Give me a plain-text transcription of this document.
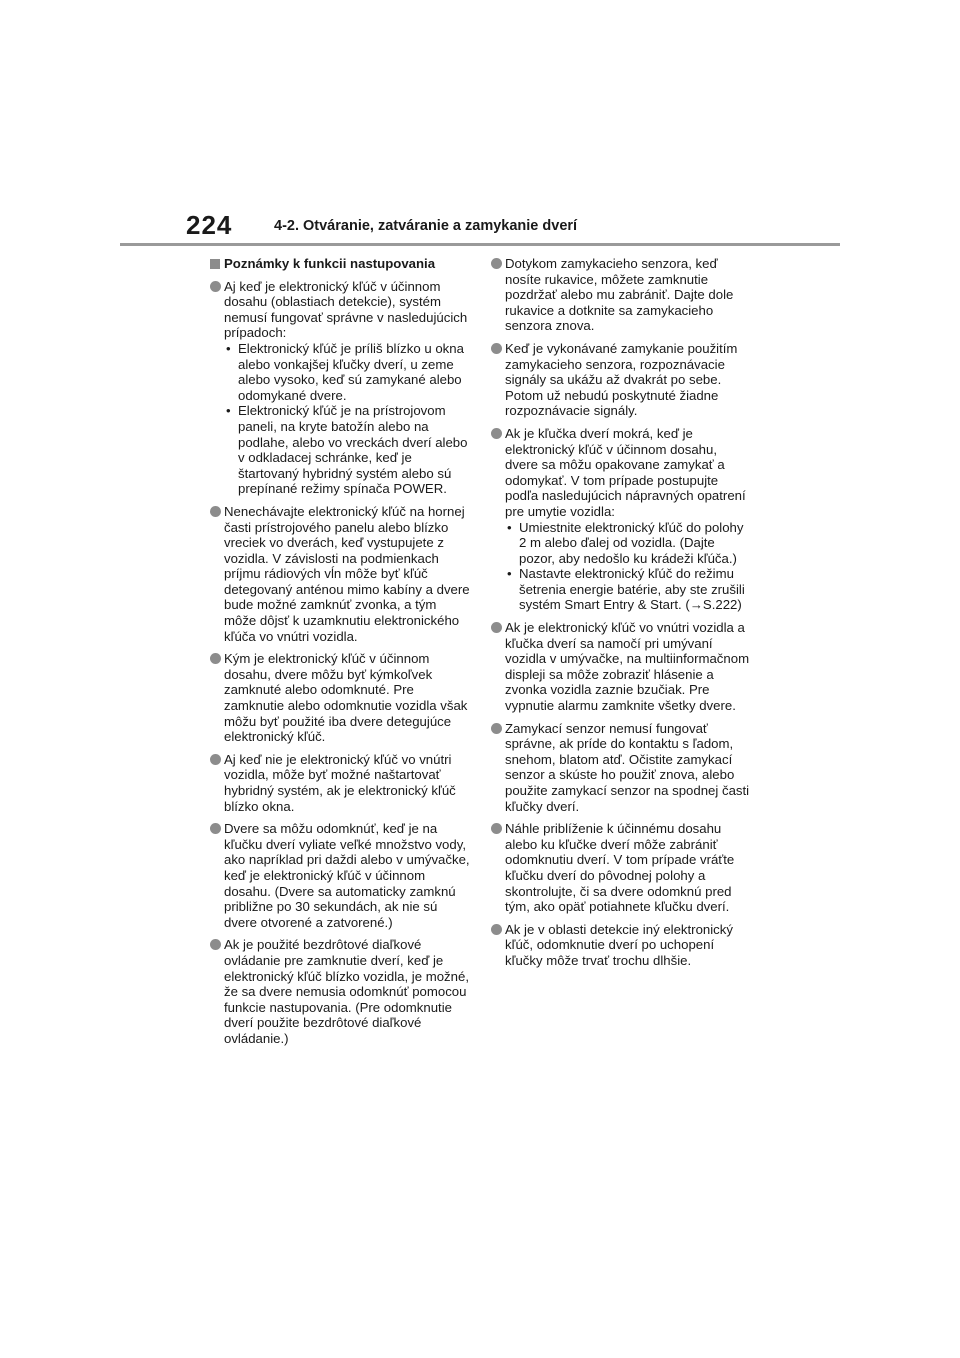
224	4-2. Otváranie, zatváranie a zamykanie dverí
Poznámky k funkcii nastupovania
Aj keď je elektronický kľúč v účinnom dosahu (oblastiach detekcie), systém nemusí fungovať správne v nasledujúcich prípadoch:
• Elektronický kľúč je príliš blízko u okna alebo vonkajšej kľučky dverí, u zeme alebo vysoko, keď sú zamykané alebo odomykané dvere.
• Elektronický kľúč je na prístrojovom paneli, na kryte batožín alebo na podlahe, alebo vo vreckách dverí alebo v odkladacej schránke, keď je štartovaný hybridný systém alebo sú prepínané režimy spínača POWER.
Nenechávajte elektronický kľúč na hornej časti prístrojového panelu alebo blízko vreciek vo dverách, keď vystupujete z vozidla. V závislosti na podmienkach príjmu rádiových vĺn môže byť kľúč detegovaný anténou mimo kabíny a dvere bude možné zamknúť zvonka, a tým môže dôjsť k uzamknutiu elektronického kľúča vo vnútri vozidla.
Kým je elektronický kľúč v účinnom dosahu, dvere môžu byť kýmkoľvek zamknuté alebo odomknuté. Pre zamknutie alebo odomknutie vozidla však môžu byť použité iba dvere detegujúce elektronický kľúč.
Aj keď nie je elektronický kľúč vo vnútri vozidla, môže byť možné naštartovať hybridný systém, ak je elektronický kľúč blízko okna.
Dvere sa môžu odomknúť, keď je na kľučku dverí vyliate veľké množstvo vody, ako napríklad pri daždi alebo v umývačke, keď je elektronický kľúč v účinnom dosahu. (Dvere sa automaticky zamknú približne po 30 sekundách, ak nie sú dvere otvorené a zatvorené.)
Ak je použité bezdrôtové diaľkové ovládanie pre zamknutie dverí, keď je elektronický kľúč blízko vozidla, je možné, že sa dvere nemusia odomknúť pomocou funkcie nastupovania. (Pre odomknutie dverí použite bezdrôtové diaľkové ovládanie.)
Dotykom zamykacieho senzora, keď nosíte rukavice, môžete zamknutie pozdržať alebo mu zabrániť. Dajte dole rukavice a dotknite sa zamykacieho senzora znova.
Keď je vykonávané zamykanie použitím zamykacieho senzora, rozpoznávacie signály sa ukážu až dvakrát po sebe. Potom už nebudú poskytnuté žiadne rozpoznávacie signály.
Ak je kľučka dverí mokrá, keď je elektronický kľúč v účinnom dosahu, dvere sa môžu opakovane zamykať a odomykať. V tom prípade postupujte podľa nasledujúcich nápravných opatrení pre umytie vozidla:
• Umiestnite elektronický kľúč do polohy 2 m alebo ďalej od vozidla. (Dajte pozor, aby nedošlo ku krádeži kľúča.)
• Nastavte elektronický kľúč do režimu šetrenia energie batérie, aby ste zrušili systém Smart Entry & Start. (→S.222)
Ak je elektronický kľúč vo vnútri vozidla a kľučka dverí sa namočí pri umývaní vozidla v umývačke, na multiinformačnom displeji sa môže zobraziť hlásenie a zvonka vozidla zaznie bzučiak. Pre vypnutie alarmu zamknite všetky dvere.
Zamykací senzor nemusí fungovať správne, ak príde do kontaktu s ľadom, snehom, blatom atď. Očistite zamykací senzor a skúste ho použiť znova, alebo použite zamykací senzor na spodnej časti kľučky dverí.
Náhle priblíženie k účinnému dosahu alebo ku kľučke dverí môže zabrániť odomknutiu dverí. V tom prípade vráťte kľučku dverí do pôvodnej polohy a skontrolujte, či sa dvere odomknú pred tým, ako opäť potiahnete kľučku dverí.
Ak je v oblasti detekcie iný elektronický kľúč, odomknutie dverí po uchopení kľučky môže trvať trochu dlhšie.
